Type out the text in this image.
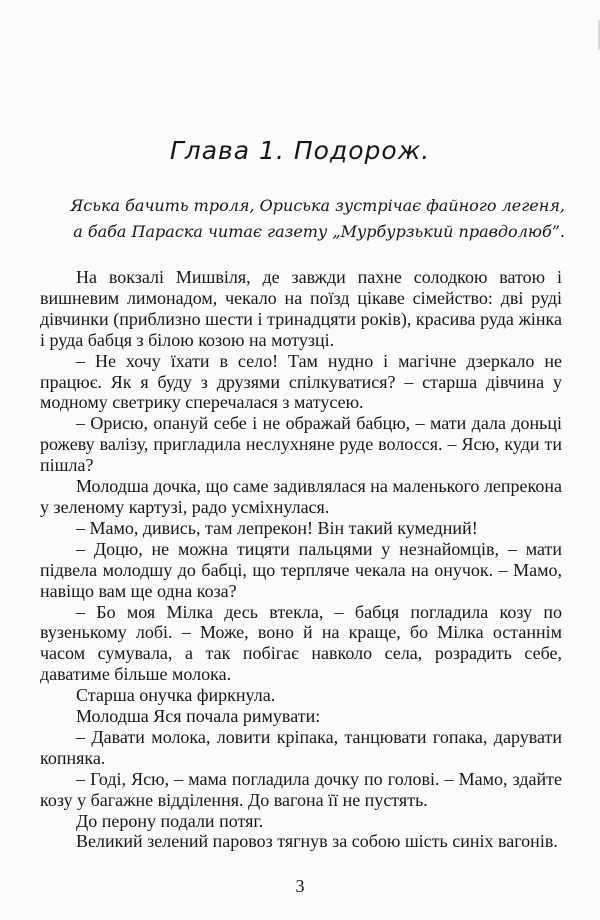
Глава 1. Подорож.
Яська бачить троля, Ориська зустрічає файного легеня,
а баба Параска читає газету „Мурбурзький правдолюб”.

На вокзалі Мишвіля, де завжди пахне солодкою ватою і вишневим лимонадом, чекало на поїзд цікаве сімейство: дві руді дівчинки (приблизно шести і тринадцяти років), красива руда жінка і руда бабця з білою козою на мотузці.

– Не хочу їхати в село! Там нудно і магічне дзеркало не працює. Як я буду з друзями спілкуватися? – старша дівчина у модному светрику сперечалася з матусею.

– Орисю, опануй себе і не ображай бабцю, – мати дала доньці рожеву валізу, пригладила неслухняне руде волосся. – Ясю, куди ти пішла?

Молодша дочка, що саме задивлялася на маленького лепрекона у зеленому картузі, радо усміхнулася.

– Мамо, дивись, там лепрекон! Він такий кумедний!

– Доцю, не можна тицяти пальцями у незнайомців, – мати підвела молодшу до бабці, що терпляче чекала на онучок. – Мамо, навіщо вам ще одна коза?

– Бо моя Мілка десь втекла, – бабця погладила козу по вузенькому лобі. – Може, воно й на краще, бо Мілка останнім часом сумувала, а так побігає навколо села, розрадить себе, даватиме більше молока.

Старша онучка фиркнула.

Молодша Яся почала римувати:

– Давати молока, ловити кріпака, танцювати гопака, дарувати копняка.

– Годі, Ясю, – мама погладила дочку по голові. – Мамо, здайте козу у багажне відділення. До вагона її не пустять.

До перону подали потяг.

Великий зелений паровоз тягнув за собою шість синіх вагонів.

3
